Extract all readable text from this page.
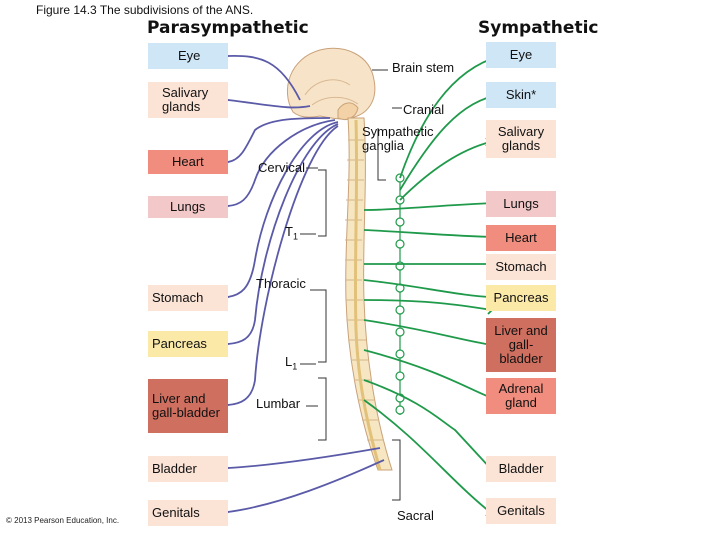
Figure 14.3 The subdivisions of the ANS.
Parasympathetic	Sympathetic
Eye
Salivary glands
Heart
Lungs
Stomach
Pancreas
Liver and gall-bladder
Bladder
Genitals
Eye
Skin*
Salivary glands
Lungs
Heart
Stomach
Pancreas
Liver and gall-bladder
Adrenal gland
Bladder
Genitals
Brain stem
Cranial
Sympathetic ganglia
Cervical
$T_1$
Thoracic
$L_1$
Lumbar
Sacral
© 2013 Pearson Education, Inc.
